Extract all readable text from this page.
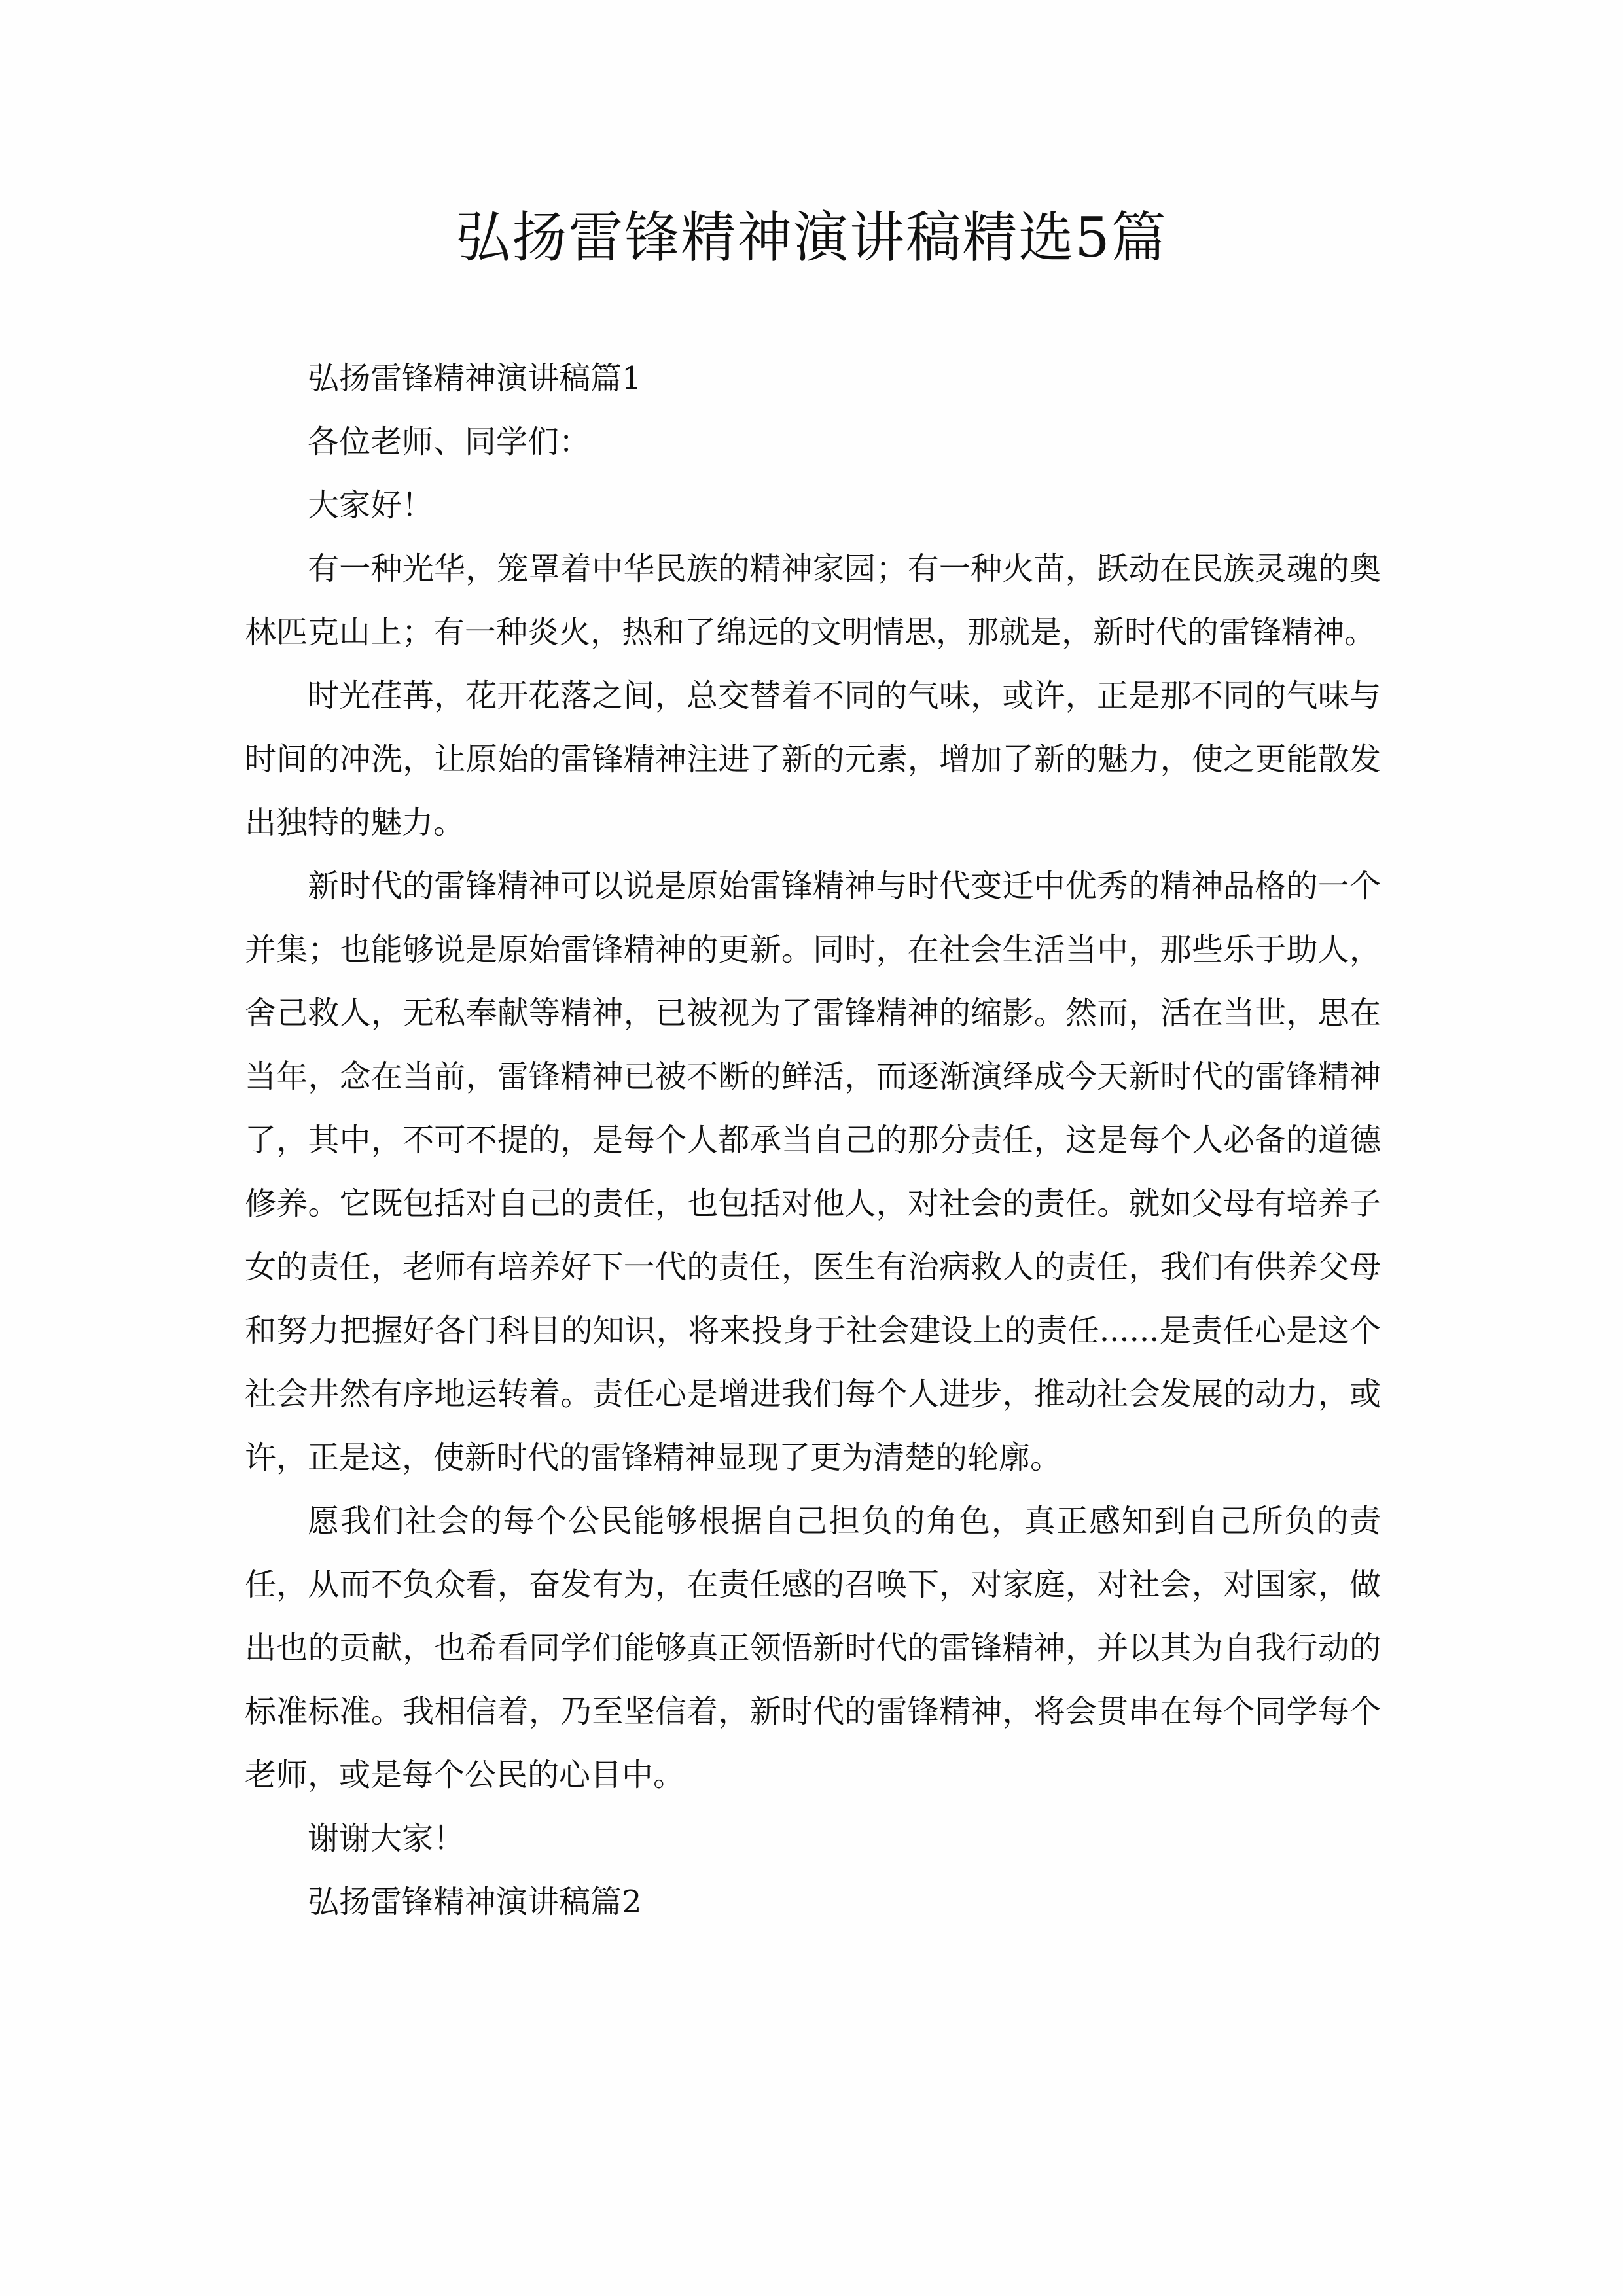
弘扬雷锋精神演讲稿精选5篇

弘扬雷锋精神演讲稿篇1

各位老师、同学们：

大家好！

有一种光华，笼罩着中华民族的精神家园；有一种火苗，跃动在民族灵魂的奥林匹克山上；有一种炎火，热和了绵远的文明情思，那就是，新时代的雷锋精神。

时光荏苒，花开花落之间，总交替着不同的气味，或许，正是那不同的气味与时间的冲洗，让原始的雷锋精神注进了新的元素，增加了新的魅力，使之更能散发出独特的魅力。

新时代的雷锋精神可以说是原始雷锋精神与时代变迁中优秀的精神品格的一个并集；也能够说是原始雷锋精神的更新。同时，在社会生活当中，那些乐于助人，舍己救人，无私奉献等精神，已被视为了雷锋精神的缩影。然而，活在当世，思在当年，念在当前，雷锋精神已被不断的鲜活，而逐渐演绎成今天新时代的雷锋精神了，其中，不可不提的，是每个人都承当自己的那分责任，这是每个人必备的道德修养。它既包括对自己的责任，也包括对他人，对社会的责任。就如父母有培养子女的责任，老师有培养好下一代的责任，医生有治病救人的责任，我们有供养父母和努力把握好各门科目的知识，将来投身于社会建设上的责任......是责任心是这个社会井然有序地运转着。责任心是增进我们每个人进步，推动社会发展的动力，或许，正是这，使新时代的雷锋精神显现了更为清楚的轮廓。

愿我们社会的每个公民能够根据自己担负的角色，真正感知到自己所负的责任，从而不负众看，奋发有为，在责任感的召唤下，对家庭，对社会，对国家，做出也的贡献，也希看同学们能够真正领悟新时代的雷锋精神，并以其为自我行动的标准标准。我相信着，乃至坚信着，新时代的雷锋精神，将会贯串在每个同学每个老师，或是每个公民的心目中。

谢谢大家！

弘扬雷锋精神演讲稿篇2
